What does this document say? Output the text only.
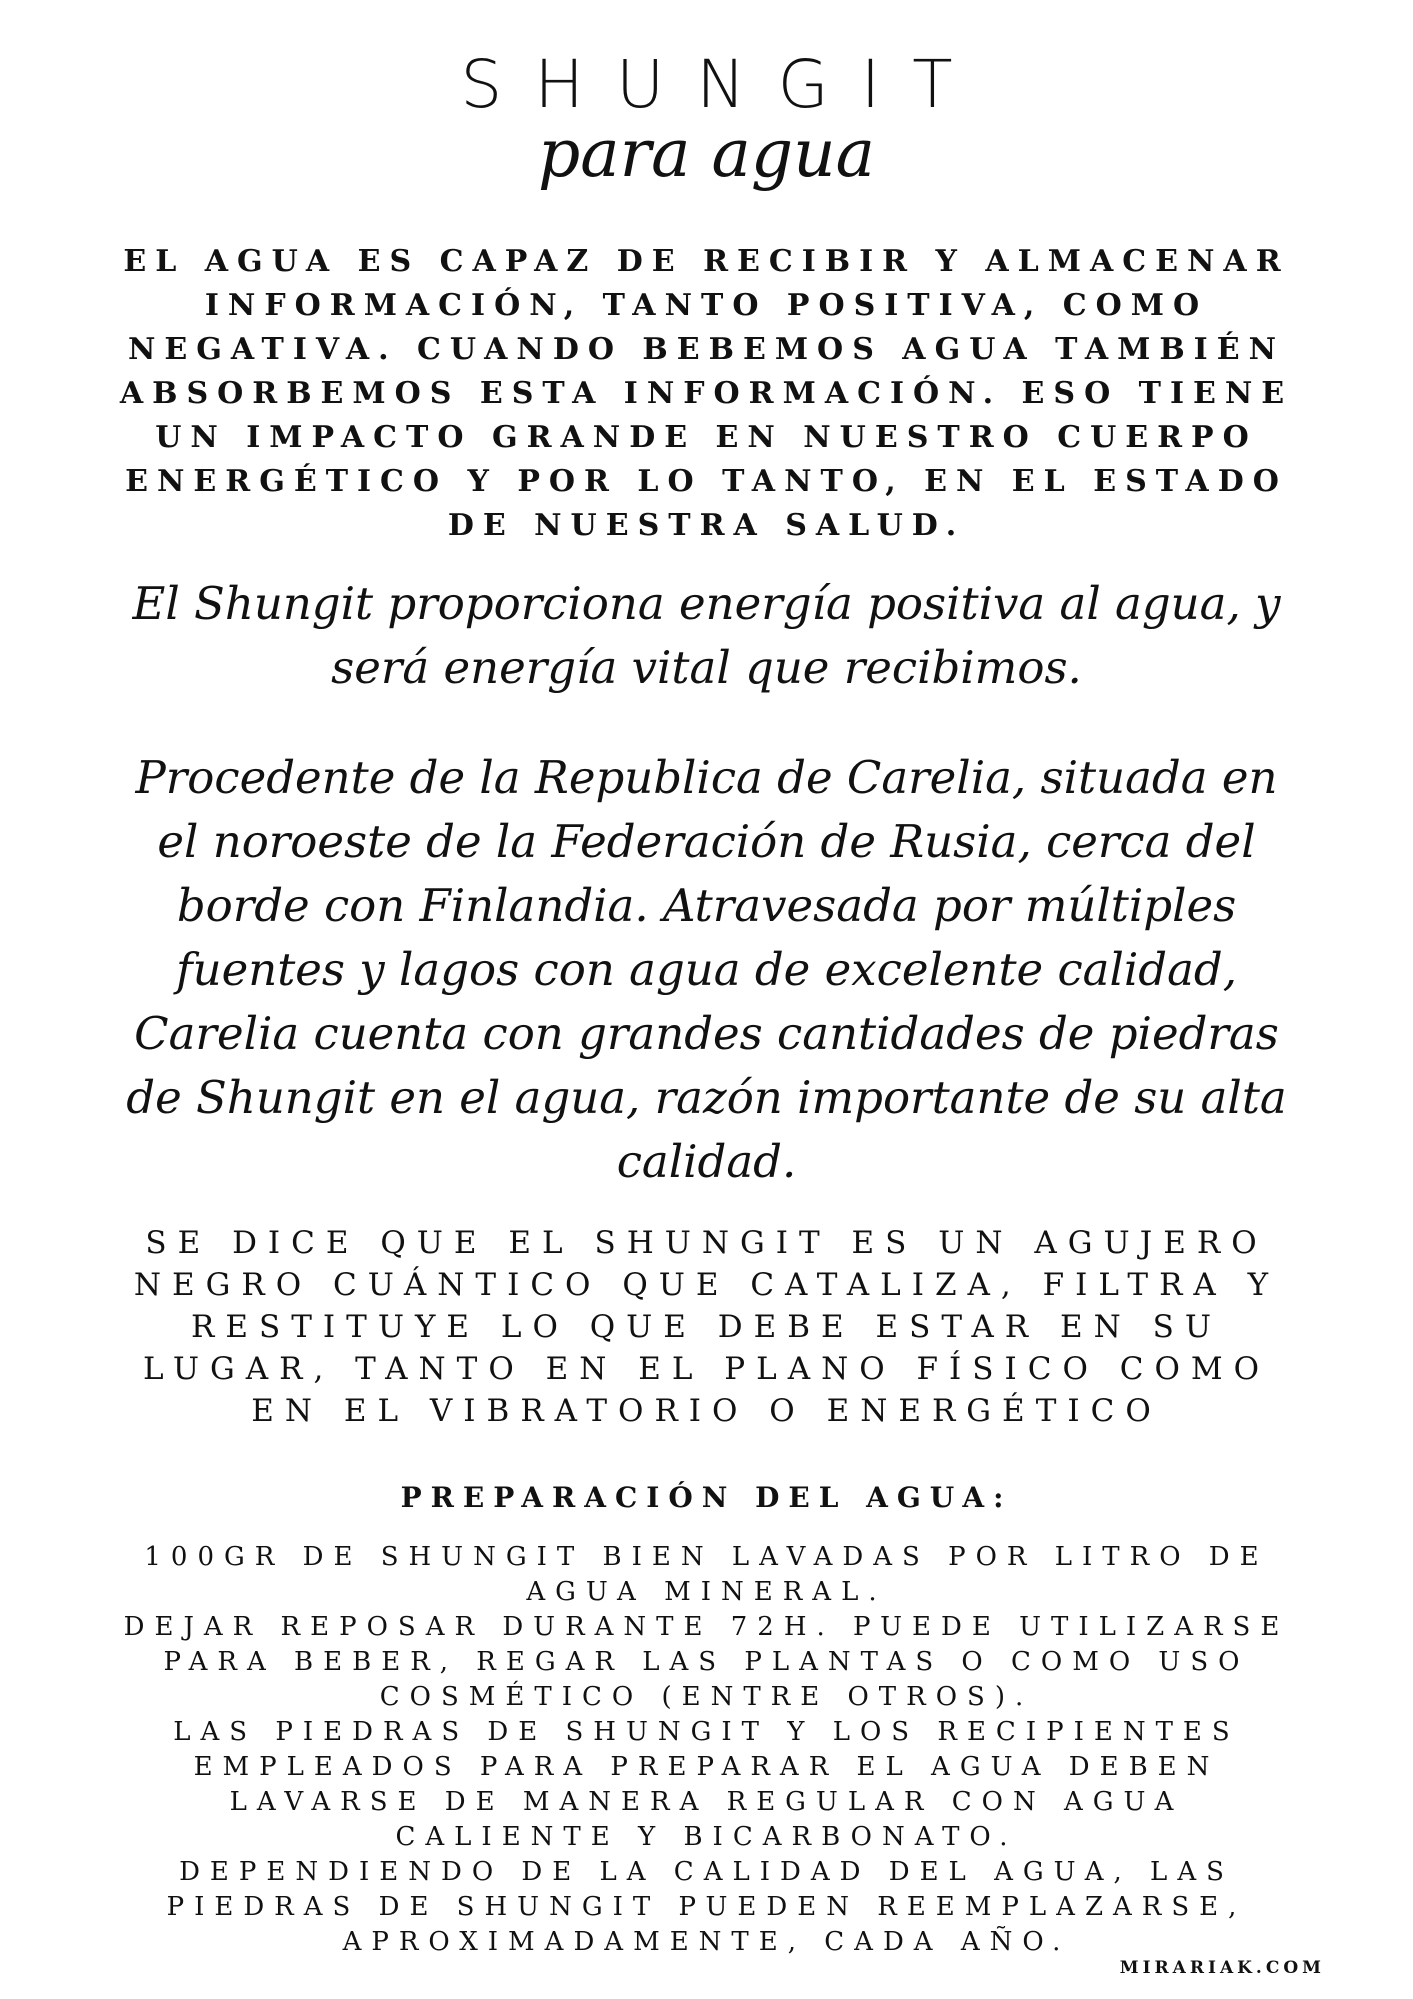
SHUNGIT
para agua

EL AGUA ES CAPAZ DE RECIBIR Y ALMACENAR INFORMACIÓN, TANTO POSITIVA, COMO NEGATIVA. CUANDO BEBEMOS AGUA TAMBIÉN ABSORBEMOS ESTA INFORMACIÓN. ESO TIENE UN IMPACTO GRANDE EN NUESTRO CUERPO ENERGÉTICO Y POR LO TANTO, EN EL ESTADO DE NUESTRA SALUD.

El Shungit proporciona energía positiva al agua, y será energía vital que recibimos.

Procedente de la Republica de Carelia, situada en el noroeste de la Federación de Rusia, cerca del borde con Finlandia. Atravesada por múltiples fuentes y lagos con agua de excelente calidad, Carelia cuenta con grandes cantidades de piedras de Shungit en el agua, razón importante de su alta calidad.

SE DICE QUE EL SHUNGIT ES UN AGUJERO NEGRO CUÁNTICO QUE CATALIZA, FILTRA Y RESTITUYE LO QUE DEBE ESTAR EN SU LUGAR, TANTO EN EL PLANO FÍSICO COMO EN EL VIBRATORIO O ENERGÉTICO

PREPARACIÓN DEL AGUA:

100GR DE SHUNGIT BIEN LAVADAS POR LITRO DE AGUA MINERAL.

DEJAR REPOSAR DURANTE 72H. PUEDE UTILIZARSE PARA BEBER, REGAR LAS PLANTAS O COMO USO COSMÉTICO (ENTRE OTROS).

LAS PIEDRAS DE SHUNGIT Y LOS RECIPIENTES EMPLEADOS PARA PREPARAR EL AGUA DEBEN LAVARSE DE MANERA REGULAR CON AGUA CALIENTE Y BICARBONATO.

DEPENDIENDO DE LA CALIDAD DEL AGUA, LAS PIEDRAS DE SHUNGIT PUEDEN REEMPLAZARSE, APROXIMADAMENTE, CADA AÑO.

MIRARIAK.COM
